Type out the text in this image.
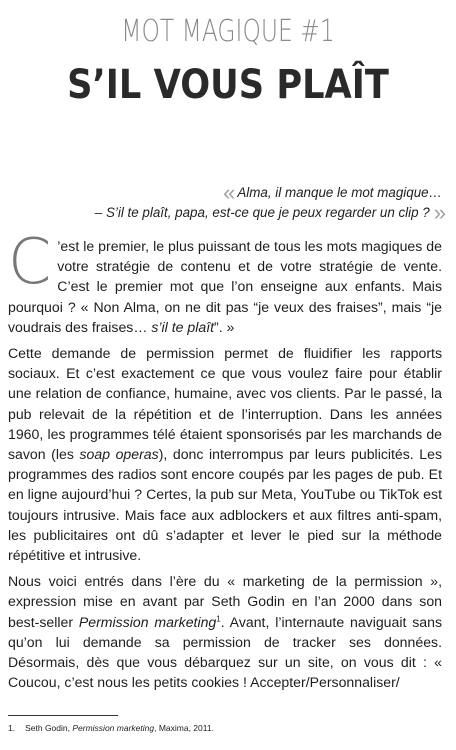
MOT MAGIQUE #1
S’IL VOUS PLAÎT
« Alma, il manque le mot magique…
– S’il te plaît, papa, est-ce que je peux regarder un clip ? »

C ’est le premier, le plus puissant de tous les mots magiques de votre stratégie de contenu et de votre stratégie de vente. C’est le premier mot que l’on enseigne aux enfants. Mais pourquoi ? « Non Alma, on ne dit pas “je veux des fraises”, mais “je voudrais des fraises… s’il te plaît”. »

Cette demande de permission permet de fluidifier les rapports sociaux. Et c’est exactement ce que vous voulez faire pour établir une relation de confiance, humaine, avec vos clients. Par le passé, la pub relevait de la répétition et de l’interruption. Dans les années 1960, les programmes télé étaient sponsorisés par les marchands de savon (les soap operas), donc interrompus par leurs publicités. Les programmes des radios sont encore coupés par les pages de pub. Et en ligne aujourd’hui ? Certes, la pub sur Meta, YouTube ou TikTok est toujours intrusive. Mais face aux adblockers et aux filtres anti-spam, les publicitaires ont dû s’adapter et lever le pied sur la méthode répétitive et intrusive.

Nous voici entrés dans l’ère du « marketing de la permission », expression mise en avant par Seth Godin en l’an 2000 dans son best-seller Permission marketing$^1$. Avant, l’internaute naviguait sans qu’on lui demande sa permission de tracker ses données. Désormais, dès que vous débarquez sur un site, on vous dit : « Coucou, c’est nous les petits cookies ! Accepter/Personnaliser/

1. Seth Godin, Permission marketing, Maxima, 2011.
